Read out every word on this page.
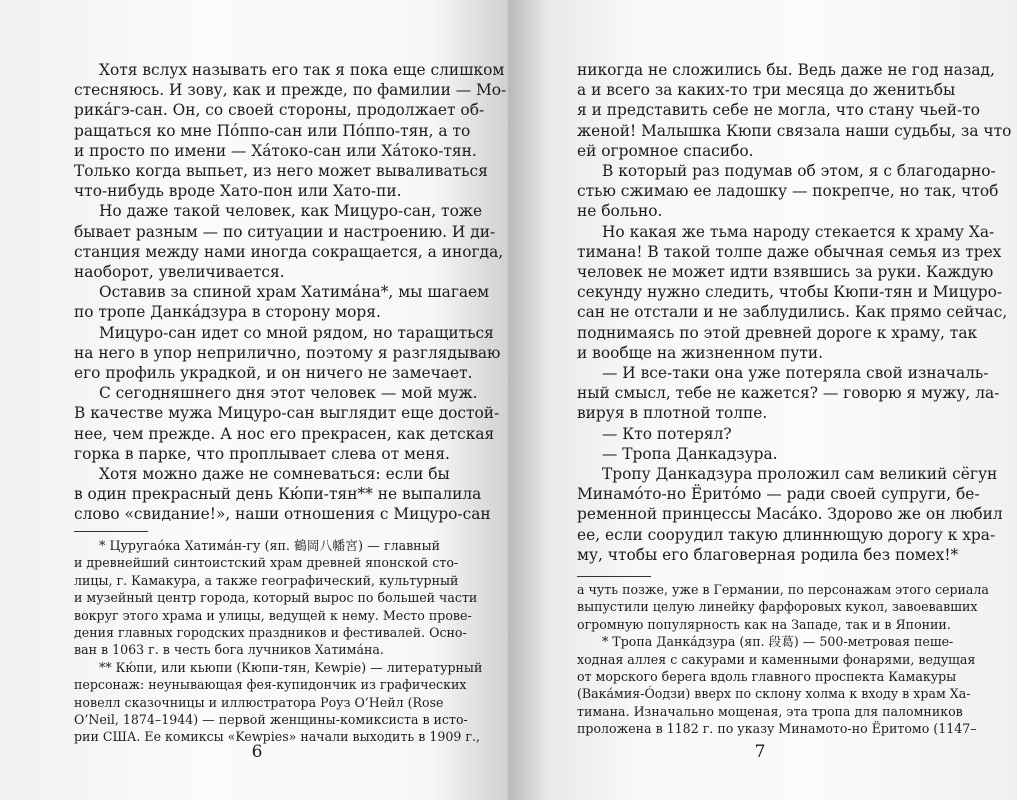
Хотя вслух называть его так я пока еще слишком
стесняюсь. И зову, как и прежде, по фамилии — Мо-
рика́гэ-сан. Он, со своей стороны, продолжает об-
ращаться ко мне По́ппо-сан или По́ппо-тян, а то
и просто по имени — Ха́токо-сан или Ха́токо-тян.
Только когда выпьет, из него может вываливаться
что-нибудь вроде Хато-пон или Хато-пи.
Но даже такой человек, как Мицуро-сан, тоже
бывает разным — по ситуации и настроению. И ди-
станция между нами иногда сокращается, а иногда,
наоборот, увеличивается.
Оставив за спиной храм Хатима́на*, мы шагаем
по тропе Данка́дзура в сторону моря.
Мицуро-сан идет со мной рядом, но таращиться
на него в упор неприлично, поэтому я разглядываю
его профиль украдкой, и он ничего не замечает.
С сегодняшнего дня этот человек — мой муж.
В качестве мужа Мицуро-сан выглядит еще достой-
нее, чем прежде. А нос его прекрасен, как детская
горка в парке, что проплывает слева от меня.
Хотя можно даже не сомневаться: если бы
в один прекрасный день Кю́пи-тян** не выпалила
слово «свидание!», наши отношения с Мицуро-сан
* Цуругао́ка Хатима́н-гу (яп. 鶴岡八幡宮) — главный
и древнейший синтоистский храм древней японской сто-
лицы, г. Камакура, а также географический, культурный
и музейный центр города, который вырос по большей части
вокруг этого храма и улицы, ведущей к нему. Место прове-
дения главных городских праздников и фестивалей. Осно-
ван в 1063 г. в честь бога лучников Хатима́на.
** Кю́пи, или кьюпи (Кюпи-тян, Kewpie) — литературный
персонаж: неунывающая фея-купидончик из графических
новелл сказочницы и иллюстратора Роуз О’Нейл (Rose
O’Neil, 1874–1944) — первой женщины-комиксиста в исто-
рии США. Ее комиксы «Kewpies» начали выходить в 1909 г.,
6
никогда не сложились бы. Ведь даже не год назад,
а и всего за каких-то три месяца до женитьбы
я и представить себе не могла, что стану чьей-то
женой! Малышка Кюпи связала наши судьбы, за что
ей огромное спасибо.
В который раз подумав об этом, я с благодарно-
стью сжимаю ее ладошку — покрепче, но так, чтоб
не больно.
Но какая же тьма народу стекается к храму Ха-
тимана! В такой толпе даже обычная семья из трех
человек не может идти взявшись за руки. Каждую
секунду нужно следить, чтобы Кюпи-тян и Мицуро-
сан не отстали и не заблудились. Как прямо сейчас,
поднимаясь по этой древней дороге к храму, так
и вообще на жизненном пути.
— И все-таки она уже потеряла свой изначаль-
ный смысл, тебе не кажется? — говорю я мужу, ла-
вируя в плотной толпе.
— Кто потерял?
— Тропа Данкадзура.
Тропу Данкадзура проложил сам великий сёгун
Минамо́то-но Ёрито́мо — ради своей супруги, бе-
ременной принцессы Маса́ко. Здорово же он любил
ее, если соорудил такую длиннющую дорогу к хра-
му, чтобы его благоверная родила без помех!*
а чуть позже, уже в Германии, по персонажам этого сериала
выпустили целую линейку фарфоровых кукол, завоевавших
огромную популярность как на Западе, так и в Японии.
* Тропа Данка́дзура (яп. 段葛) — 500-метровая пеше-
ходная аллея с сакурами и каменными фонарями, ведущая
от морского берега вдоль главного проспекта Камакуры
(Вака́мия-Óодзи) вверх по склону холма к входу в храм Ха-
тимана. Изначально мощеная, эта тропа для паломников
проложена в 1182 г. по указу Минамото-но Ёритомо (1147–
7
